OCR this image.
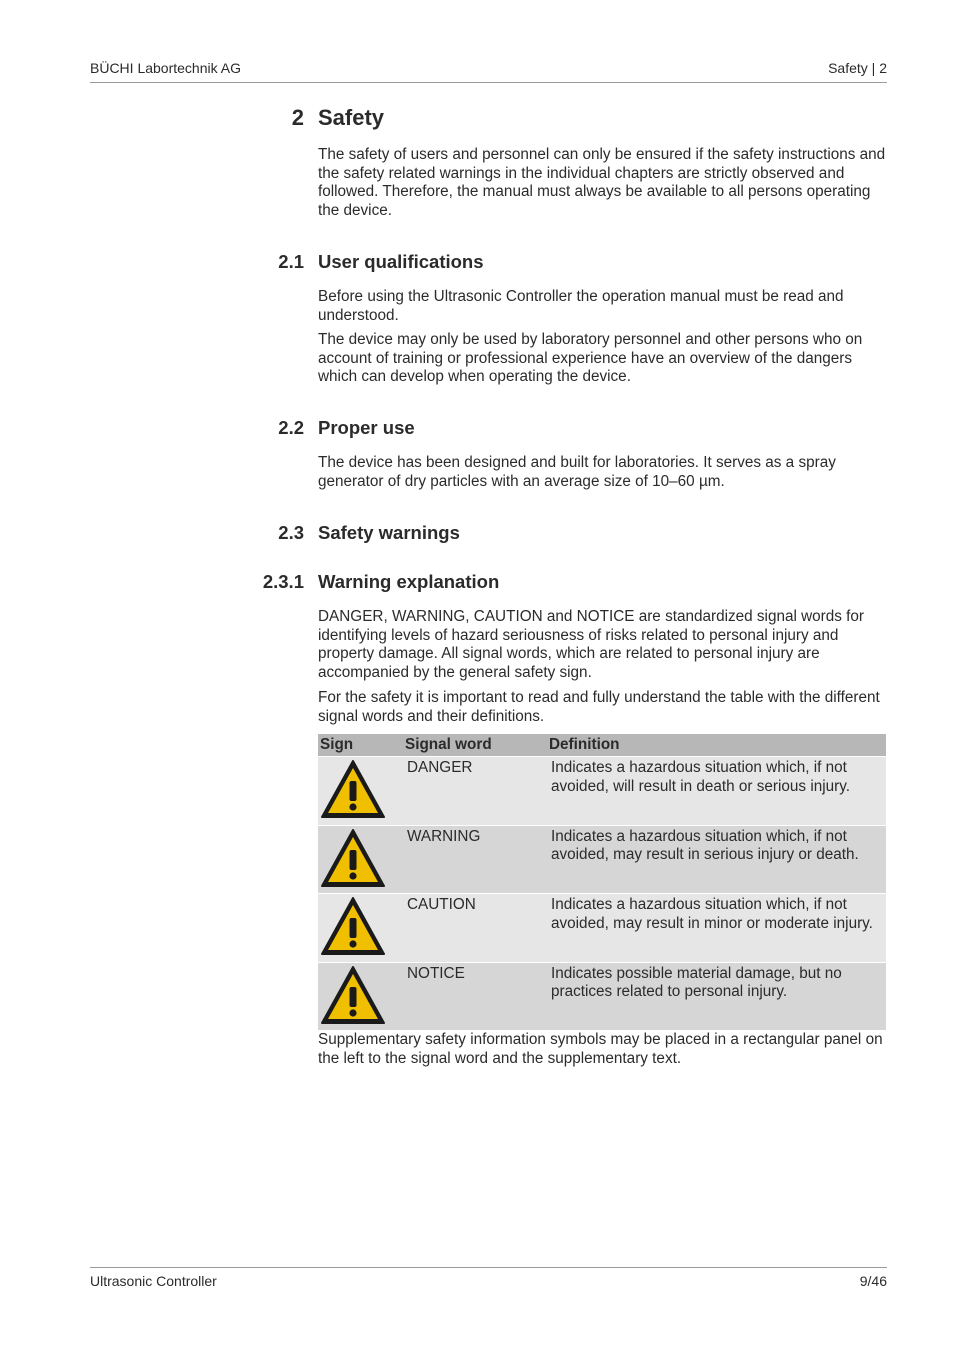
BÜCHI Labortechnik AG	Safety | 2
2 Safety

The safety of users and personnel can only be ensured if the safety instructions and the safety related warnings in the individual chapters are strictly observed and followed. Therefore, the manual must always be available to all persons operating the device.

2.1 User qualifications

Before using the Ultrasonic Controller the operation manual must be read and understood.

The device may only be used by laboratory personnel and other persons who on account of training or professional experience have an overview of the dangers which can develop when operating the device.

2.2 Proper use

The device has been designed and built for laboratories. It serves as a spray generator of dry particles with an average size of 10–60 µm.

2.3 Safety warnings
2.3.1 Warning explanation

DANGER, WARNING, CAUTION and NOTICE are standardized signal words for identifying levels of hazard seriousness of risks related to personal injury and property damage. All signal words, which are related to personal injury are accompanied by the general safety sign.

For the safety it is important to read and fully understand the table with the different signal words and their definitions.

Sign	Signal word	Definition
	DANGER	Indicates a hazardous situation which, if not avoided, will result in death or serious injury.
	WARNING	Indicates a hazardous situation which, if not avoided, may result in serious injury or death.
	CAUTION	Indicates a hazardous situation which, if not avoided, may result in minor or moderate injury.
	NOTICE	Indicates possible material damage, but no practices related to personal injury.

Supplementary safety information symbols may be placed in a rectangular panel on the left to the signal word and the supplementary text.

Ultrasonic Controller	9/46
